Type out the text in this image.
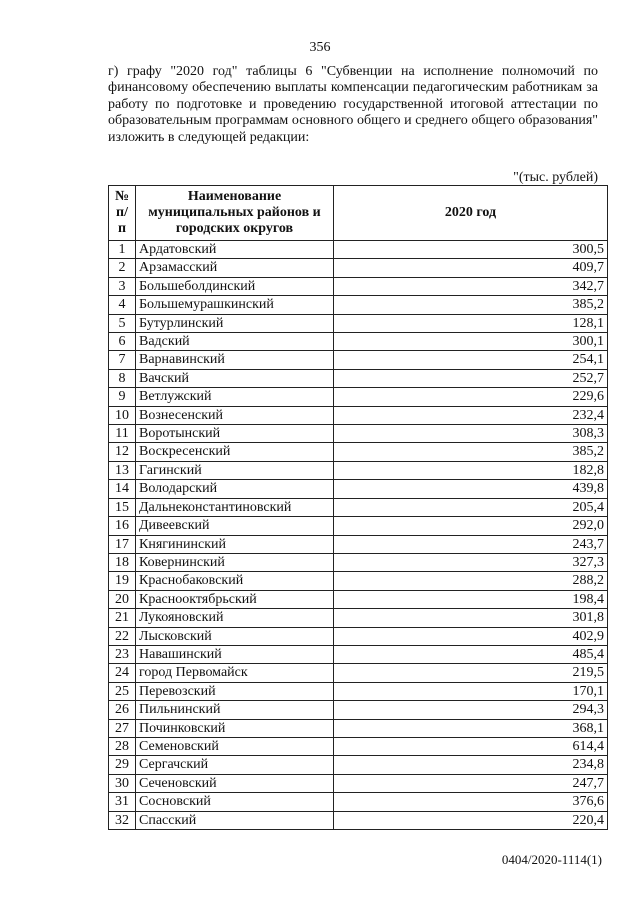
356
г) графу "2020 год" таблицы 6 "Субвенции на исполнение полномочий по финансовому обеспечению выплаты компенсации педагогическим работникам за работу по подготовке и проведению государственной итоговой аттестации по образовательным программам основного общего и среднего общего образования" изложить в следующей редакции:
"(тыс. рублей)
№ п/п	Наименование муниципальных районов и городских округов	2020 год
1	Ардатовский	300,5
2	Арзамасский	409,7
3	Большеболдинский	342,7
4	Большемурашкинский	385,2
5	Бутурлинский	128,1
6	Вадский	300,1
7	Варнавинский	254,1
8	Вачский	252,7
9	Ветлужский	229,6
10	Вознесенский	232,4
11	Воротынский	308,3
12	Воскресенский	385,2
13	Гагинский	182,8
14	Володарский	439,8
15	Дальнеконстантиновский	205,4
16	Дивеевский	292,0
17	Княгининский	243,7
18	Ковернинский	327,3
19	Краснобаковский	288,2
20	Краснооктябрьский	198,4
21	Лукояновский	301,8
22	Лысковский	402,9
23	Навашинский	485,4
24	город Первомайск	219,5
25	Перевозский	170,1
26	Пильнинский	294,3
27	Починковский	368,1
28	Семеновский	614,4
29	Сергачский	234,8
30	Сеченовский	247,7
31	Сосновский	376,6
32	Спасский	220,4
0404/2020-1114(1)
